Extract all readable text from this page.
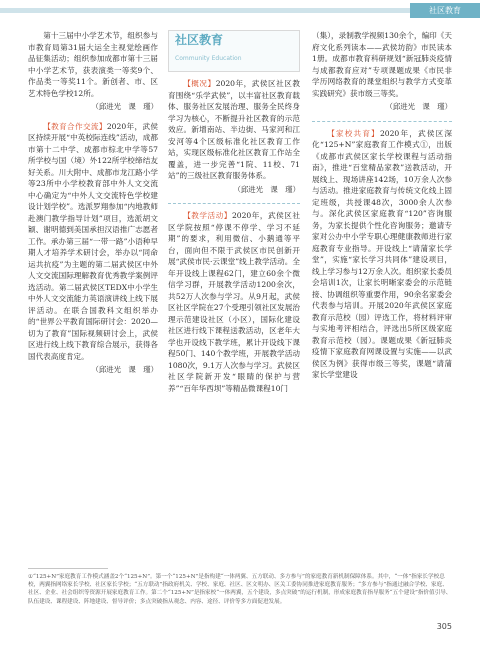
社区教育

第十三届中小学艺术节，组织参与市教育局第31届大运全主视觉绘画作品征集活动；组织参加成都市第十三届中小学艺术节，获表演类一等奖9个、作品类一等奖11个。新创者、市、区艺术特色学校12所。

（邱进光　课　瑾）

【教育合作交流】2020年，武侯区持续开展“中英校际连线”活动，成都市第十二中学、成都市棕北中学等57所学校与国（境）外122所学校缔结友好关系。川大附中、成都市龙江路小学等23所中小学校教育部中外人文交流中心确定为“中外人文交流特色学校建设计划学校”。选派罗翔参加“内地教师赴澳门教学指导计划”项目，选派胡文颖、谢明德到美国承担汉语推广志愿者工作。承办第三届“一带一路”小语种早期人才培养学术研讨会，举办以“同命运共抗疫”为主题的第二届武侯区中外人文交流国际理解教育优秀教学案例评选活动。第二届武侯区TEDX中小学生中外人文交流能力英语演讲线上线下展评活动。在联合国教科文组织举办的“世界公平教育国际研讨会：2020—切为了教育”国际视频研讨会上，武侯区进行线上线下教育综合展示，获得各国代表高度肯定。

（邱进光　课　瑾）
社区教育
Community Education

【概况】2020年，武侯区社区教育围绕“乐学武侯”，以丰富社区教育载体、服务社区发展治理、服务全民终身学习为核心，不断提升社区教育的示范效应。新增南站、半边街、马家河和江安河等4个区级标准化社区教育工作站，实现区级标准化社区教育工作站全覆盖，进一步完善“1院、11校、71站”的三级社区教育服务体系。

（邱进光　课　瑾）

【教学活动】2020年，武侯区社区学院按照“停课不停学、学习不延期”的要求，利用微信、小鹅通等平台，面向但不限于武侯区市民创新开展“武侯市民·云课堂”线上教学活动。全年开设线上课程62门，建立60余个微信学习群，开展教学活动1200余次，共52万人次参与学习。从9月起，武侯区社区学院在27个受理引领社区发展治理示范建设社区（小区），国际化建设社区进行线下课程送教活动，区老年大学也开设线下教学班，累计开设线下课程50门、140个教学班，开展教学活动1080次，9.1万人次参与学习。武侯区社区学院新开发“眼睛的保护与营养”“百年华西坝”等精品微课程10门

（集），录制教学视频130余个，编印《天府文化系列读本——武侯坊韵》市民读本1册。成都市教育科研规划“新冠肺炎疫情与成都教育应对”专项课题成果《市民非学历网络教育的课堂组织与教学方式变革实践研究》获市级三等奖。

（邱进光　课　瑾）

【家校共育】2020年，武侯区深化“125+N”家庭教育工作模式①，出版《成都市武侯区家长学校课程与活动指南》，推进“百堂精品家教”送教活动，开展线上、现场讲座142场，10万余人次参与活动。推进家庭教育与传统文化线上固定班级，共授课48次，3000余人次参与。深化武侯区家庭教育“120”咨询服务，为家长提供个性化咨询服务；邀请专家对公办中小学专职心理健康教师进行家庭教育专业指导。开设线上“请蒲家长学堂”，实施“家长学习共同体”建设项目，线上学习参与12万余人次。组织家长委员会培训1次，让家长明晰家委会的示范链接、协调组织等重要作用，90余名家委会代表参与培训。开展2020年武侯区家庭教育示范校（园）评选工作，将材料评审与实地考评相结合，评选出5所区级家庭教育示范校（园）。课题成果《新冠肺炎疫情下家庭教育网课设置与实施——以武侯区为例》获得市级三等奖，课题“请蒲家长学堂建设

①“125+N”家庭教育工作模式涵盖2个“125+N”。第一个“125+N”是指构建“一体两翼、五方联动、多方参与”的家庭教育新机制保障体系。其中，“一体”指家长学校总校，两翼指网络家长学校、社区家长学校；“五方联动”指政府机关、学校、家庭、社区、区文明办、区关工委协同推进家庭教育服务；“多方参与”指通过融合学校、家庭、社区、企业、社会组织等资源开展家庭教育工作。第二个“125+N”是指家校“一体两翼，五个建设，多点突破”的运行机制，形成家庭教育指导服务“五个建设”指价值引导、队伍建设、课程建设、阵地建设、督导评价；多点突破指从观念、内容、途径、评价等多方面促进发展。
305
